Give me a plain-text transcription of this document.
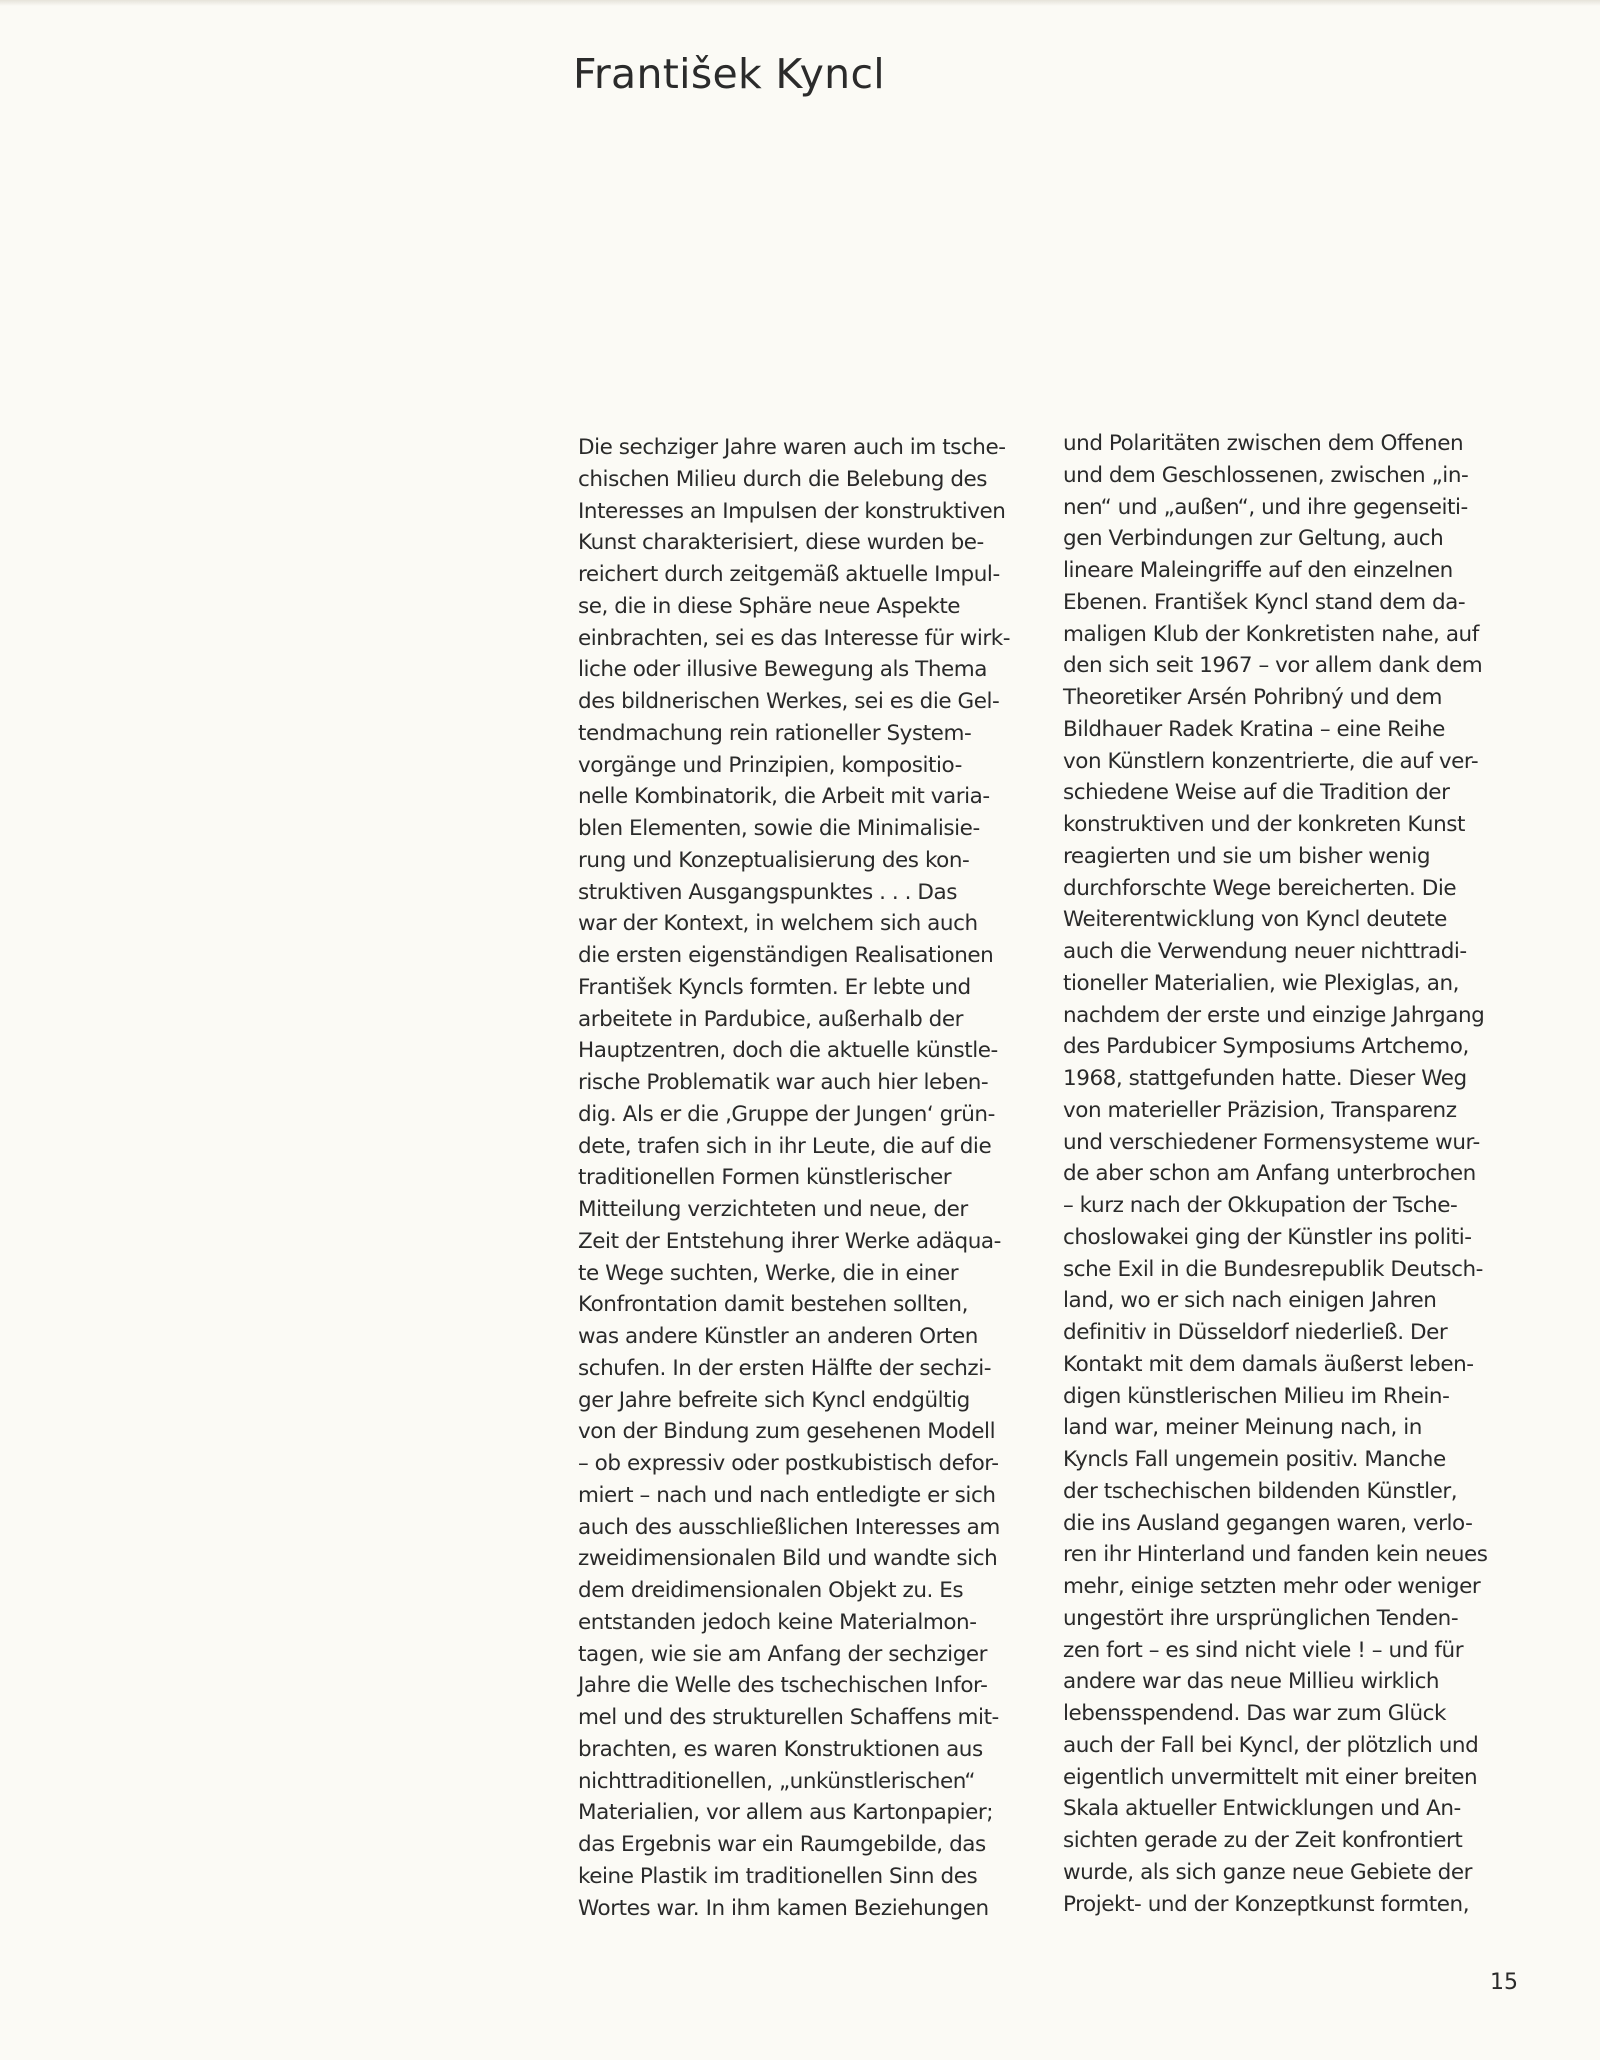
František Kyncl
Die sechziger Jahre waren auch im tsche-
chischen Milieu durch die Belebung des
Interesses an Impulsen der konstruktiven
Kunst charakterisiert, diese wurden be-
reichert durch zeitgemäß aktuelle Impul-
se, die in diese Sphäre neue Aspekte
einbrachten, sei es das Interesse für wirk-
liche oder illusive Bewegung als Thema
des bildnerischen Werkes, sei es die Gel-
tendmachung rein rationeller System-
vorgänge und Prinzipien, kompositio-
nelle Kombinatorik, die Arbeit mit varia-
blen Elementen, sowie die Minimalisie-
rung und Konzeptualisierung des kon-
struktiven Ausgangspunktes . . . Das
war der Kontext, in welchem sich auch
die ersten eigenständigen Realisationen
František Kyncls formten. Er lebte und
arbeitete in Pardubice, außerhalb der
Hauptzentren, doch die aktuelle künstle-
rische Problematik war auch hier leben-
dig. Als er die ‚Gruppe der Jungen‘ grün-
dete, trafen sich in ihr Leute, die auf die
traditionellen Formen künstlerischer
Mitteilung verzichteten und neue, der
Zeit der Entstehung ihrer Werke adäqua-
te Wege suchten, Werke, die in einer
Konfrontation damit bestehen sollten,
was andere Künstler an anderen Orten
schufen. In der ersten Hälfte der sechzi-
ger Jahre befreite sich Kyncl endgültig
von der Bindung zum gesehenen Modell
– ob expressiv oder postkubistisch defor-
miert – nach und nach entledigte er sich
auch des ausschließlichen Interesses am
zweidimensionalen Bild und wandte sich
dem dreidimensionalen Objekt zu. Es
entstanden jedoch keine Materialmon-
tagen, wie sie am Anfang der sechziger
Jahre die Welle des tschechischen Infor-
mel und des strukturellen Schaffens mit-
brachten, es waren Konstruktionen aus
nichttraditionellen, „unkünstlerischen“
Materialien, vor allem aus Kartonpapier;
das Ergebnis war ein Raumgebilde, das
keine Plastik im traditionellen Sinn des
Wortes war. In ihm kamen Beziehungen
und Polaritäten zwischen dem Offenen
und dem Geschlossenen, zwischen „in-
nen“ und „außen“, und ihre gegenseiti-
gen Verbindungen zur Geltung, auch
lineare Maleingriffe auf den einzelnen
Ebenen. František Kyncl stand dem da-
maligen Klub der Konkretisten nahe, auf
den sich seit 1967 – vor allem dank dem
Theoretiker Arsén Pohribný und dem
Bildhauer Radek Kratina – eine Reihe
von Künstlern konzentrierte, die auf ver-
schiedene Weise auf die Tradition der
konstruktiven und der konkreten Kunst
reagierten und sie um bisher wenig
durchforschte Wege bereicherten. Die
Weiterentwicklung von Kyncl deutete
auch die Verwendung neuer nichttradi-
tioneller Materialien, wie Plexiglas, an,
nachdem der erste und einzige Jahrgang
des Pardubicer Symposiums Artchemo,
1968, stattgefunden hatte. Dieser Weg
von materieller Präzision, Transparenz
und verschiedener Formensysteme wur-
de aber schon am Anfang unterbrochen
– kurz nach der Okkupation der Tsche-
choslowakei ging der Künstler ins politi-
sche Exil in die Bundesrepublik Deutsch-
land, wo er sich nach einigen Jahren
definitiv in Düsseldorf niederließ. Der
Kontakt mit dem damals äußerst leben-
digen künstlerischen Milieu im Rhein-
land war, meiner Meinung nach, in
Kyncls Fall ungemein positiv. Manche
der tschechischen bildenden Künstler,
die ins Ausland gegangen waren, verlo-
ren ihr Hinterland und fanden kein neues
mehr, einige setzten mehr oder weniger
ungestört ihre ursprünglichen Tenden-
zen fort – es sind nicht viele ! – und für
andere war das neue Millieu wirklich
lebensspendend. Das war zum Glück
auch der Fall bei Kyncl, der plötzlich und
eigentlich unvermittelt mit einer breiten
Skala aktueller Entwicklungen und An-
sichten gerade zu der Zeit konfrontiert
wurde, als sich ganze neue Gebiete der
Projekt- und der Konzeptkunst formten,
15
